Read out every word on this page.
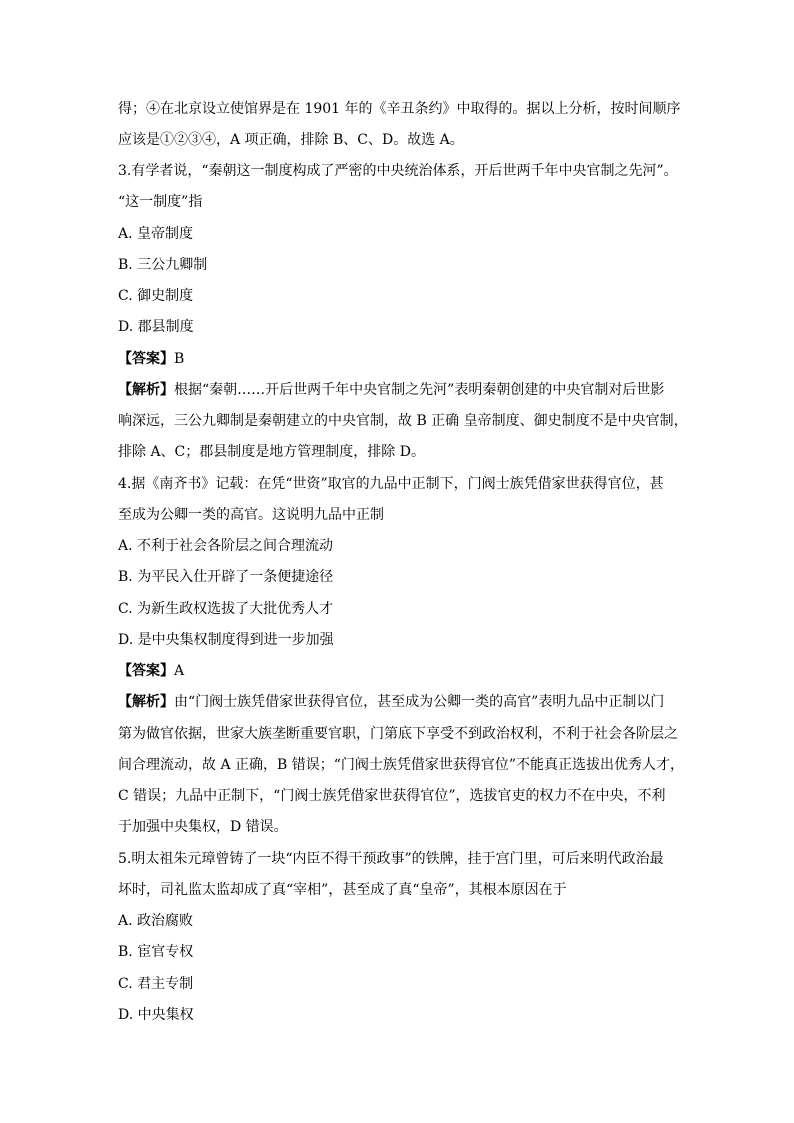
得；④在北京设立使馆界是在 1901 年的《辛丑条约》中取得的。据以上分析，按时间顺序
应该是①②③④，A 项正确，排除 B、C、D。故选 A。
3.有学者说，“秦朝这一制度构成了严密的中央统治体系，开后世两千年中央官制之先河”。
“这一制度”指
A. 皇帝制度
B. 三公九卿制
C. 御史制度
D. 郡县制度
【答案】B
【解析】根据“秦朝……开后世两千年中央官制之先河”表明秦朝创建的中央官制对后世影
响深远，三公九卿制是秦朝建立的中央官制，故 B 正确 皇帝制度、御史制度不是中央官制，
排除 A、C；郡县制度是地方管理制度，排除 D。
4.据《南齐书》记载：在凭“世资”取官的九品中正制下，门阀士族凭借家世获得官位，甚
至成为公卿一类的高官。这说明九品中正制
A. 不利于社会各阶层之间合理流动
B. 为平民入仕开辟了一条便捷途径
C. 为新生政权选拔了大批优秀人才
D. 是中央集权制度得到进一步加强
【答案】A
【解析】由“门阀士族凭借家世获得官位，甚至成为公卿一类的高官”表明九品中正制以门
第为做官依据，世家大族垄断重要官职，门第底下享受不到政治权利，不利于社会各阶层之
间合理流动，故 A 正确，B 错误；“门阀士族凭借家世获得官位”不能真正选拔出优秀人才，
C 错误；九品中正制下，“门阀士族凭借家世获得官位”，选拔官吏的权力不在中央，不利
于加强中央集权，D 错误。
5.明太祖朱元璋曾铸了一块“内臣不得干预政事”的铁牌，挂于宫门里，可后来明代政治最
坏时，司礼监太监却成了真“宰相”，甚至成了真“皇帝”，其根本原因在于
A. 政治腐败
B. 宦官专权
C. 君主专制
D. 中央集权
